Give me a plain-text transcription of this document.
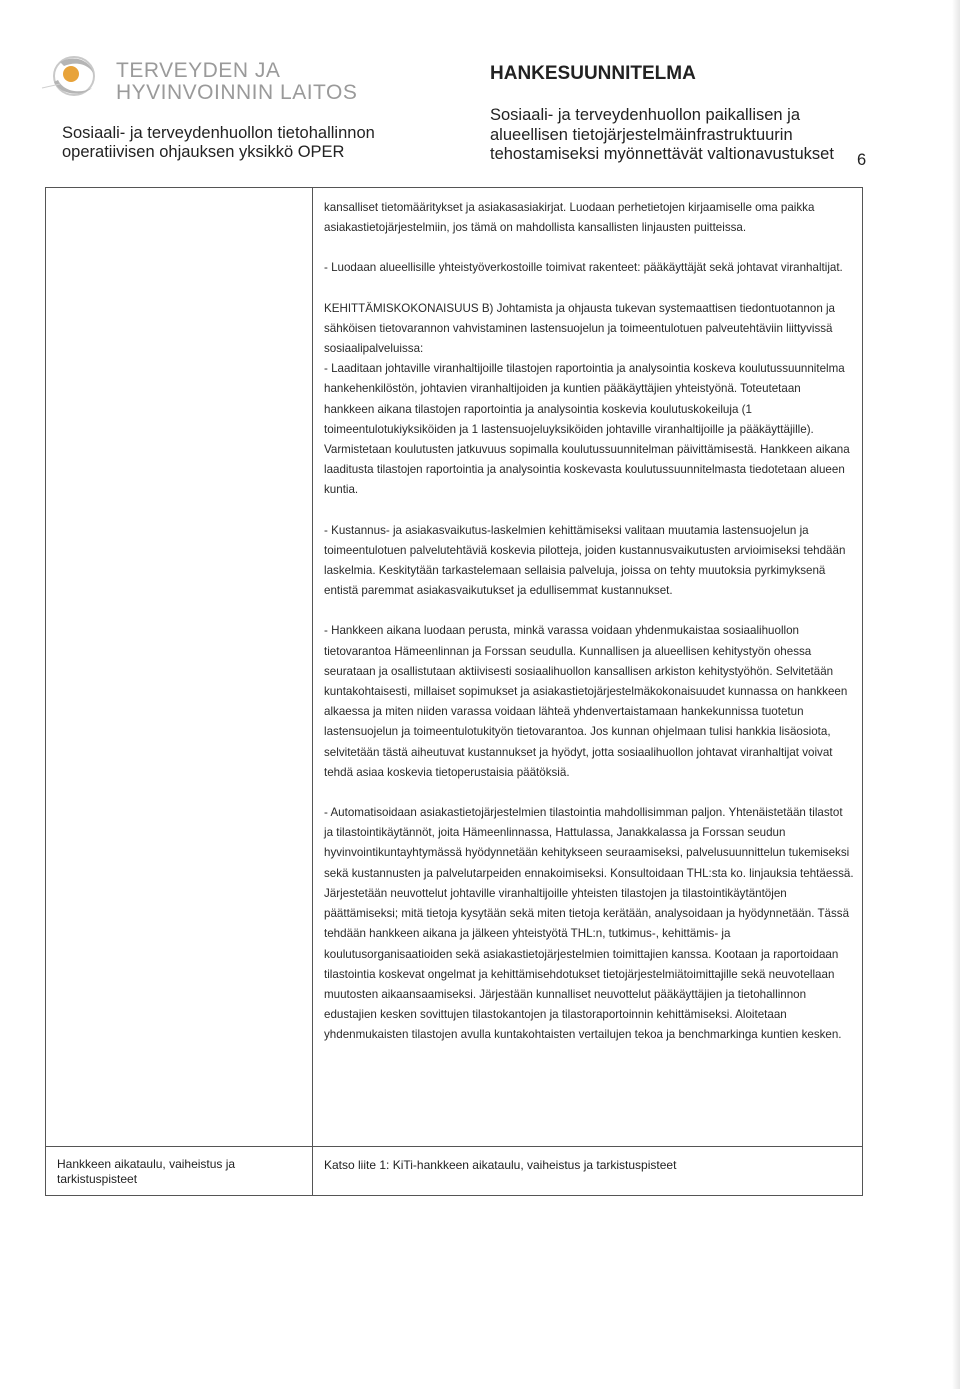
TERVEYDEN JA
HYVINVOINNIN LAITOS
Sosiaali- ja terveydenhuollon tietohallinnon
operatiivisen ohjauksen yksikkö OPER
HANKESUUNNITELMA
Sosiaali- ja terveydenhuollon paikallisen ja
alueellisen tietojärjestelmäinfrastruktuurin
tehostamiseksi myönnettävät valtionavustukset 6

kansalliset tietomääritykset ja asiakasasiakirjat. Luodaan perhetietojen kirjaamiselle oma paikka asiakastietojärjestelmiin, jos tämä on mahdollista kansallisten linjausten puitteissa.

- Luodaan alueellisille yhteistyöverkostoille toimivat rakenteet: pääkäyttäjät sekä johtavat viranhaltijat.

KEHITTÄMISKOKONAISUUS B) Johtamista ja ohjausta tukevan systemaattisen tiedontuotannon ja sähköisen tietovarannon vahvistaminen lastensuojelun ja toimeentulotuen palveutehtäviin liittyvissä sosiaalipalveluissa:
- Laaditaan johtaville viranhaltijoille tilastojen raportointia ja analysointia koskeva koulutussuunnitelma hankehenkilöstön, johtavien viranhaltijoiden ja kuntien pääkäyttäjien yhteistyönä. Toteutetaan hankkeen aikana tilastojen raportointia ja analysointia koskevia koulutuskokeiluja (1 toimeentulotukiyksiköiden ja 1 lastensuojeluyksiköiden johtaville viranhaltijoille ja pääkäyttäjille). Varmistetaan koulutusten jatkuvuus sopimalla koulutussuunnitelman päivittämisestä. Hankkeen aikana laaditusta tilastojen raportointia ja analysointia koskevasta koulutussuunnitelmasta tiedotetaan alueen kuntia.

- Kustannus- ja asiakasvaikutus-laskelmien kehittämiseksi valitaan muutamia lastensuojelun ja toimeentulotuen palvelutehtäviä koskevia pilotteja, joiden kustannusvaikutusten arvioimiseksi tehdään laskelmia. Keskitytään tarkastelemaan sellaisia palveluja, joissa on tehty muutoksia pyrkimyksenä entistä paremmat asiakasvaikutukset ja edullisemmat kustannukset.

- Hankkeen aikana luodaan perusta, minkä varassa voidaan yhdenmukaistaa sosiaalihuollon tietovarantoa Hämeenlinnan ja Forssan seudulla. Kunnallisen ja alueellisen kehitystyön ohessa seurataan ja osallistutaan aktiivisesti sosiaalihuollon kansallisen arkiston kehitystyöhön. Selvitetään kuntakohtaisesti, millaiset sopimukset ja asiakastietojärjestelmäkokonaisuudet kunnassa on hankkeen alkaessa ja miten niiden varassa voidaan lähteä yhdenvertaistamaan hankekunnissa tuotetun lastensuojelun ja toimeentulotukityön tietovarantoa. Jos kunnan ohjelmaan tulisi hankkia lisäosiota, selvitetään tästä aiheutuvat kustannukset ja hyödyt, jotta sosiaalihuollon johtavat viranhaltijat voivat tehdä asiaa koskevia tietoperustaisia päätöksiä.

- Automatisoidaan asiakastietojärjestelmien tilastointia mahdollisimman paljon. Yhtenäistetään tilastot ja tilastointikäytännöt, joita Hämeenlinnassa, Hattulassa, Janakkalassa ja Forssan seudun hyvinvointikuntayhtymässä hyödynnetään kehitykseen seuraamiseksi, palvelusuunnittelun tukemiseksi sekä kustannusten ja palvelutarpeiden ennakoimiseksi. Konsultoidaan THL:sta ko. linjauksia tehtäessä. Järjestetään neuvottelut johtaville viranhaltijoille yhteisten tilastojen ja tilastointikäytäntöjen päättämiseksi; mitä tietoja kysytään sekä miten tietoja kerätään, analysoidaan ja hyödynnetään. Tässä tehdään hankkeen aikana ja jälkeen yhteistyötä THL:n, tutkimus-, kehittämis- ja koulutusorganisaatioiden sekä asiakastietojärjestelmien toimittajien kanssa. Kootaan ja raportoidaan tilastointia koskevat ongelmat ja kehittämisehdotukset tietojärjestelmiätoimittajille sekä neuvotellaan muutosten aikaansaamiseksi. Järjestään kunnalliset neuvottelut pääkäyttäjien ja tietohallinnon edustajien kesken sovittujen tilastokantojen ja tilastoraportoinnin kehittämiseksi. Aloitetaan yhdenmukaisten tilastojen avulla kuntakohtaisten vertailujen tekoa ja benchmarkinga kuntien kesken.

Hankkeen aikataulu, vaiheistus ja tarkistuspisteet
Katso liite 1: KiTi-hankkeen aikataulu, vaiheistus ja tarkistuspisteet
